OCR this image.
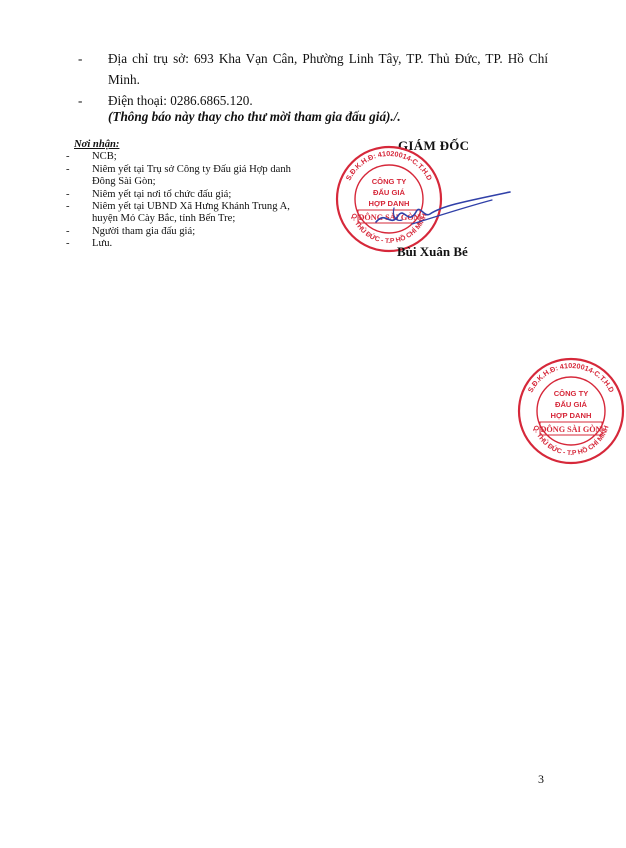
- Địa chỉ trụ sở: 693 Kha Vạn Cân, Phường Linh Tây, TP. Thủ Đức, TP. Hồ Chí Minh.
- Điện thoại: 0286.6865.120.
(Thông báo này thay cho thư mời tham gia đấu giá)./.
Nơi nhận:
- NCB;
- Niêm yết tại Trụ sở Công ty Đấu giá Hợp danh Đông Sài Gòn;
- Niêm yết tại nơi tổ chức đấu giá;
- Niêm yết tại UBND Xã Hưng Khánh Trung A, huyện Mỏ Cày Bắc, tỉnh Bến Tre;
- Người tham gia đấu giá;
- Lưu.
GIÁM ĐỐC
S.Đ.K.H.Đ: 41020014-C.T.H.D
Q. THỦ ĐỨC - T.P HỒ CHÍ MINH
CÔNG TY
ĐẤU GIÁ
HỢP DANH
ĐÔNG SÀI GÒN
Bùi Xuân Bé
S.Đ.K.H.Đ: 41020014-C.T.H.D
Q. THỦ ĐỨC - T.P HỒ CHÍ MINH
CÔNG TY
ĐẤU GIÁ
HỢP DANH
ĐÔNG SÀI GÒN
3
